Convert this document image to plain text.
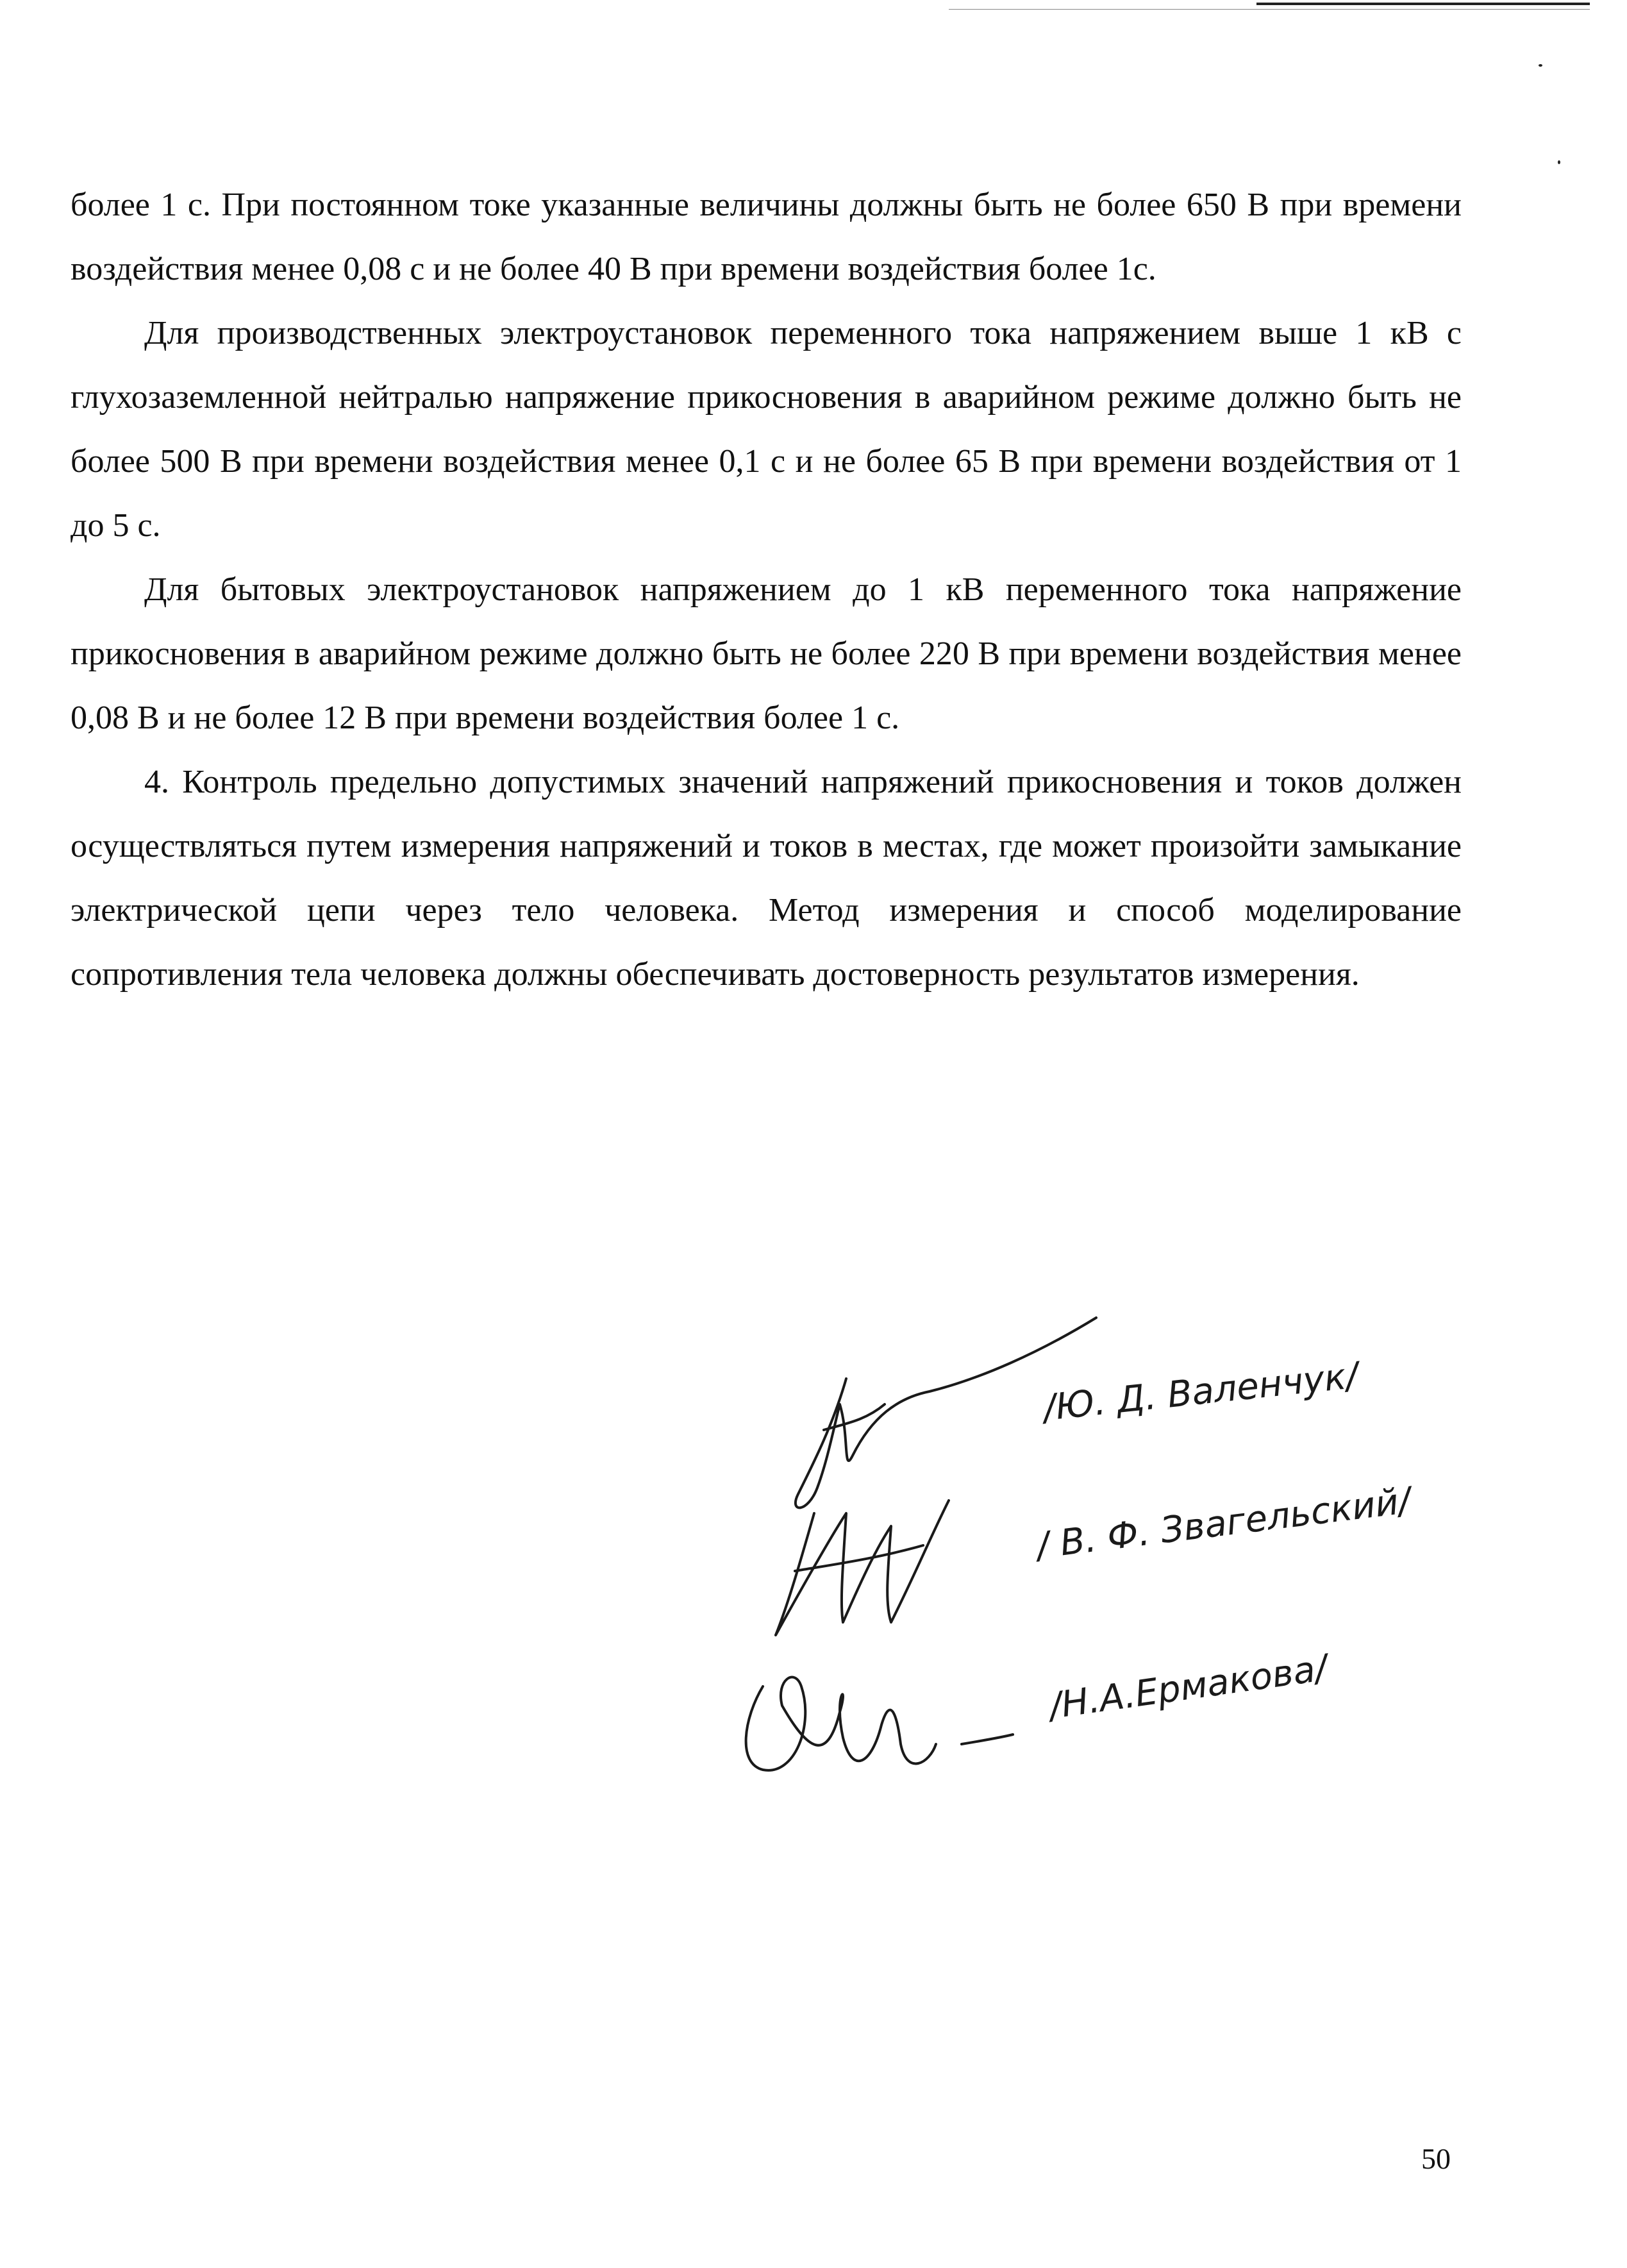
более 1 с. При постоянном токе указанные величины должны быть не более 650 В при времени воздействия менее 0,08 с и не более 40 В при времени воздействия более 1с.

Для производственных электроустановок переменного тока напряжением выше 1 кВ с глухозаземленной нейтралью напряжение прикосновения в аварийном режиме должно быть не более 500 В при времени воздействия менее 0,1 с и не более 65 В при времени воздействия от 1 до 5 с.

Для бытовых электроустановок напряжением до 1 кВ переменного тока напряжение прикосновения в аварийном режиме должно быть не более 220 В при времени воздействия менее 0,08 В и не более 12 В при времени воздействия более 1 с.

4. Контроль предельно допустимых значений напряжений прикосновения и токов должен осуществляться путем измерения напряжений и токов в местах, где может произойти замыкание электрической цепи через тело человека. Метод измерения и способ моделирование сопротивления тела человека должны обеспечивать достоверность результатов измерения.

/Ю. Д. Валенчук/
/ В. Ф. Звагельский/
/Н.А.Ермакова/
50
